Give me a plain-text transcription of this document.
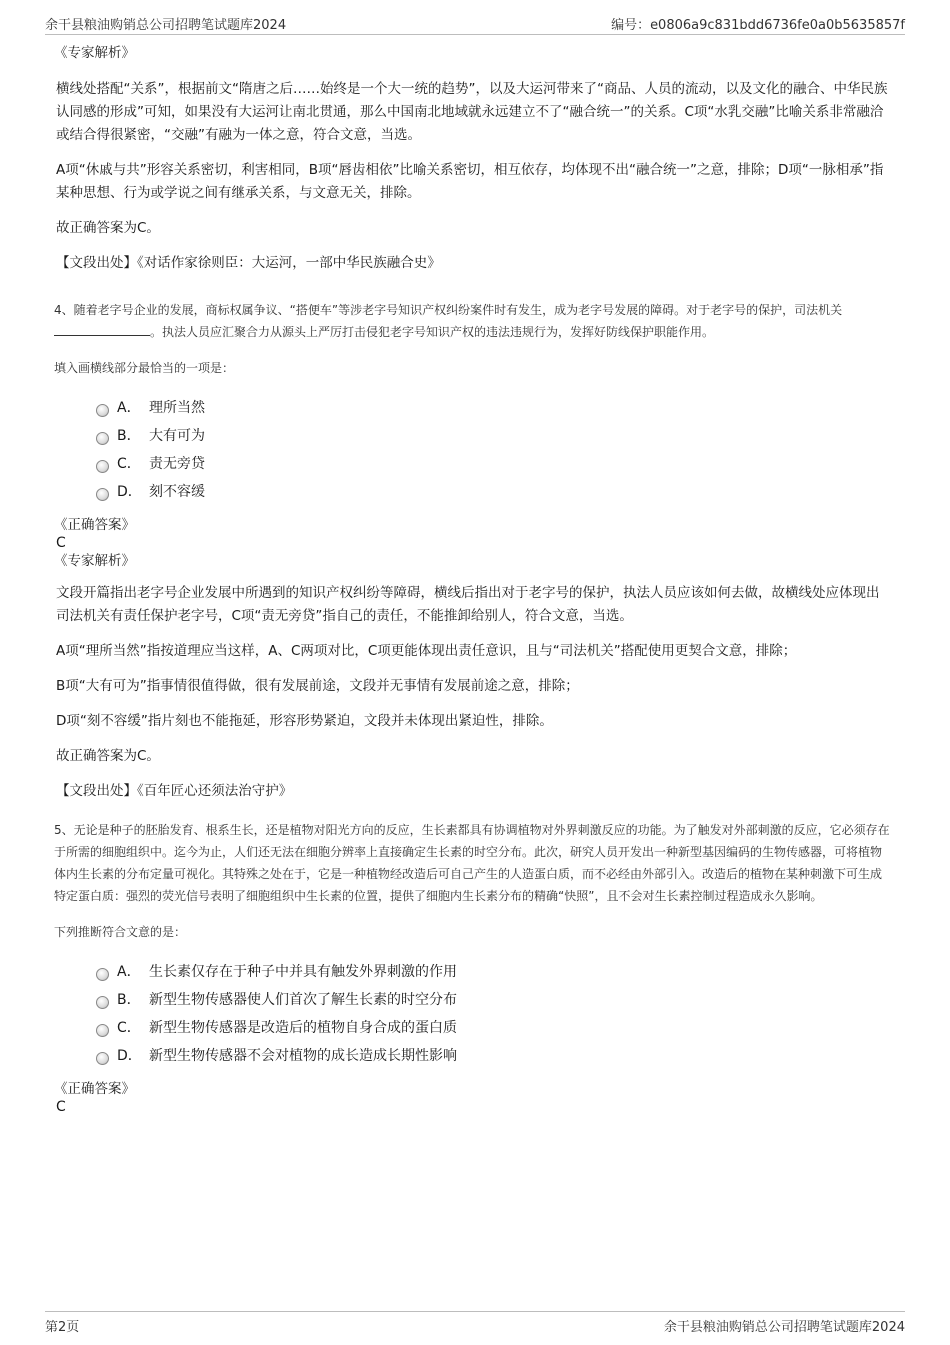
余干县粮油购销总公司招聘笔试题库2024	编号：e0806a9c831bdd6736fe0a0b5635857f

《专家解析》

横线处搭配“关系”，根据前文“隋唐之后……始终是一个大一统的趋势”，以及大运河带来了“商品、人员的流动，以及文化的融合、中华民族认同感的形成”可知，如果没有大运河让南北贯通，那么中国南北地域就永远建立不了“融合统一”的关系。C项“水乳交融”比喻关系非常融洽或结合得很紧密，“交融”有融为一体之意，符合文意，当选。

A项“休戚与共”形容关系密切，利害相同，B项“唇齿相依”比喻关系密切，相互依存，均体现不出“融合统一”之意，排除；D项“一脉相承”指某种思想、行为或学说之间有继承关系，与文意无关，排除。

故正确答案为C。

【文段出处】《对话作家徐则臣：大运河，一部中华民族融合史》

4、随着老字号企业的发展，商标权属争议、“搭便车”等涉老字号知识产权纠纷案件时有发生，成为老字号发展的障碍。对于老字号的保护，司法机关。执法人员应汇聚合力从源头上严厉打击侵犯老字号知识产权的违法违规行为，发挥好防线保护职能作用。

填入画横线部分最恰当的一项是：

A． 理所当然
B． 大有可为
C． 责无旁贷
D． 刻不容缓

《正确答案》

C

《专家解析》

文段开篇指出老字号企业发展中所遇到的知识产权纠纷等障碍，横线后指出对于老字号的保护，执法人员应该如何去做，故横线处应体现出司法机关有责任保护老字号，C项“责无旁贷”指自己的责任，不能推卸给别人，符合文意，当选。

A项“理所当然”指按道理应当这样，A、C两项对比，C项更能体现出责任意识，且与“司法机关”搭配使用更契合文意，排除；

B项“大有可为”指事情很值得做，很有发展前途，文段并无事情有发展前途之意，排除；

D项“刻不容缓”指片刻也不能拖延，形容形势紧迫，文段并未体现出紧迫性，排除。

故正确答案为C。

【文段出处】《百年匠心还须法治守护》

5、无论是种子的胚胎发育、根系生长，还是植物对阳光方向的反应，生长素都具有协调植物对外界刺激反应的功能。为了触发对外部刺激的反应，它必须存在于所需的细胞组织中。迄今为止，人们还无法在细胞分辨率上直接确定生长素的时空分布。此次，研究人员开发出一种新型基因编码的生物传感器，可将植物体内生长素的分布定量可视化。其特殊之处在于，它是一种植物经改造后可自己产生的人造蛋白质，而不必经由外部引入。改造后的植物在某种刺激下可生成特定蛋白质：强烈的荧光信号表明了细胞组织中生长素的位置，提供了细胞内生长素分布的精确“快照”，且不会对生长素控制过程造成永久影响。

下列推断符合文意的是：

A． 生长素仅存在于种子中并具有触发外界刺激的作用
B． 新型生物传感器使人们首次了解生长素的时空分布
C． 新型生物传感器是改造后的植物自身合成的蛋白质
D． 新型生物传感器不会对植物的成长造成长期性影响

《正确答案》

C

第2页	余干县粮油购销总公司招聘笔试题库2024
